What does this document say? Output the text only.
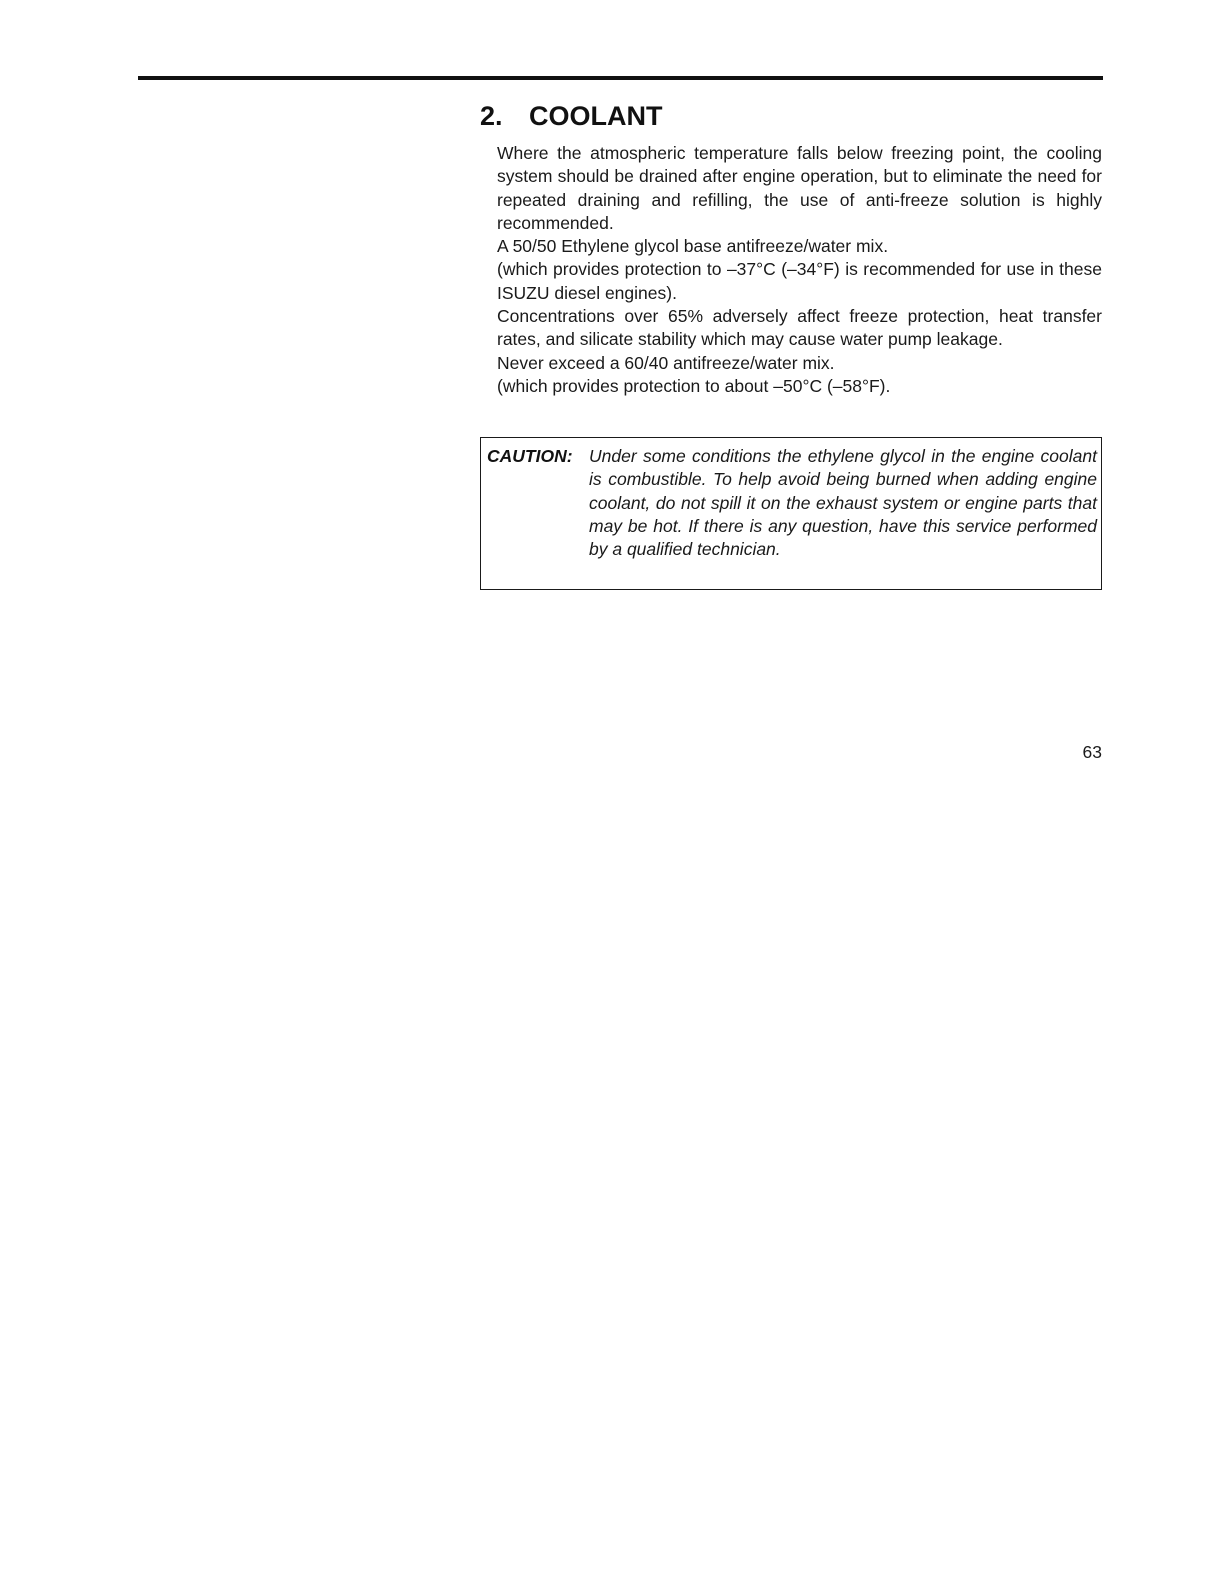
2. COOLANT

Where the atmospheric temperature falls below freezing point, the cooling system should be drained after engine operation, but to eliminate the need for repeated draining and refilling, the use of anti-freeze solution is highly recommended.

A 50/50 Ethylene glycol base antifreeze/water mix.

(which provides protection to –37°C (–34°F) is recommended for use in these ISUZU diesel engines).

Concentrations over 65% adversely affect freeze protection, heat transfer rates, and silicate stability which may cause water pump leakage.

Never exceed a 60/40 antifreeze/water mix.

(which provides protection to about –50°C (–58°F).

CAUTION: Under some conditions the ethylene glycol in the engine coolant is combustible. To help avoid being burned when adding engine coolant, do not spill it on the exhaust system or engine parts that may be hot. If there is any question, have this service performed by a qualified technician.
63
